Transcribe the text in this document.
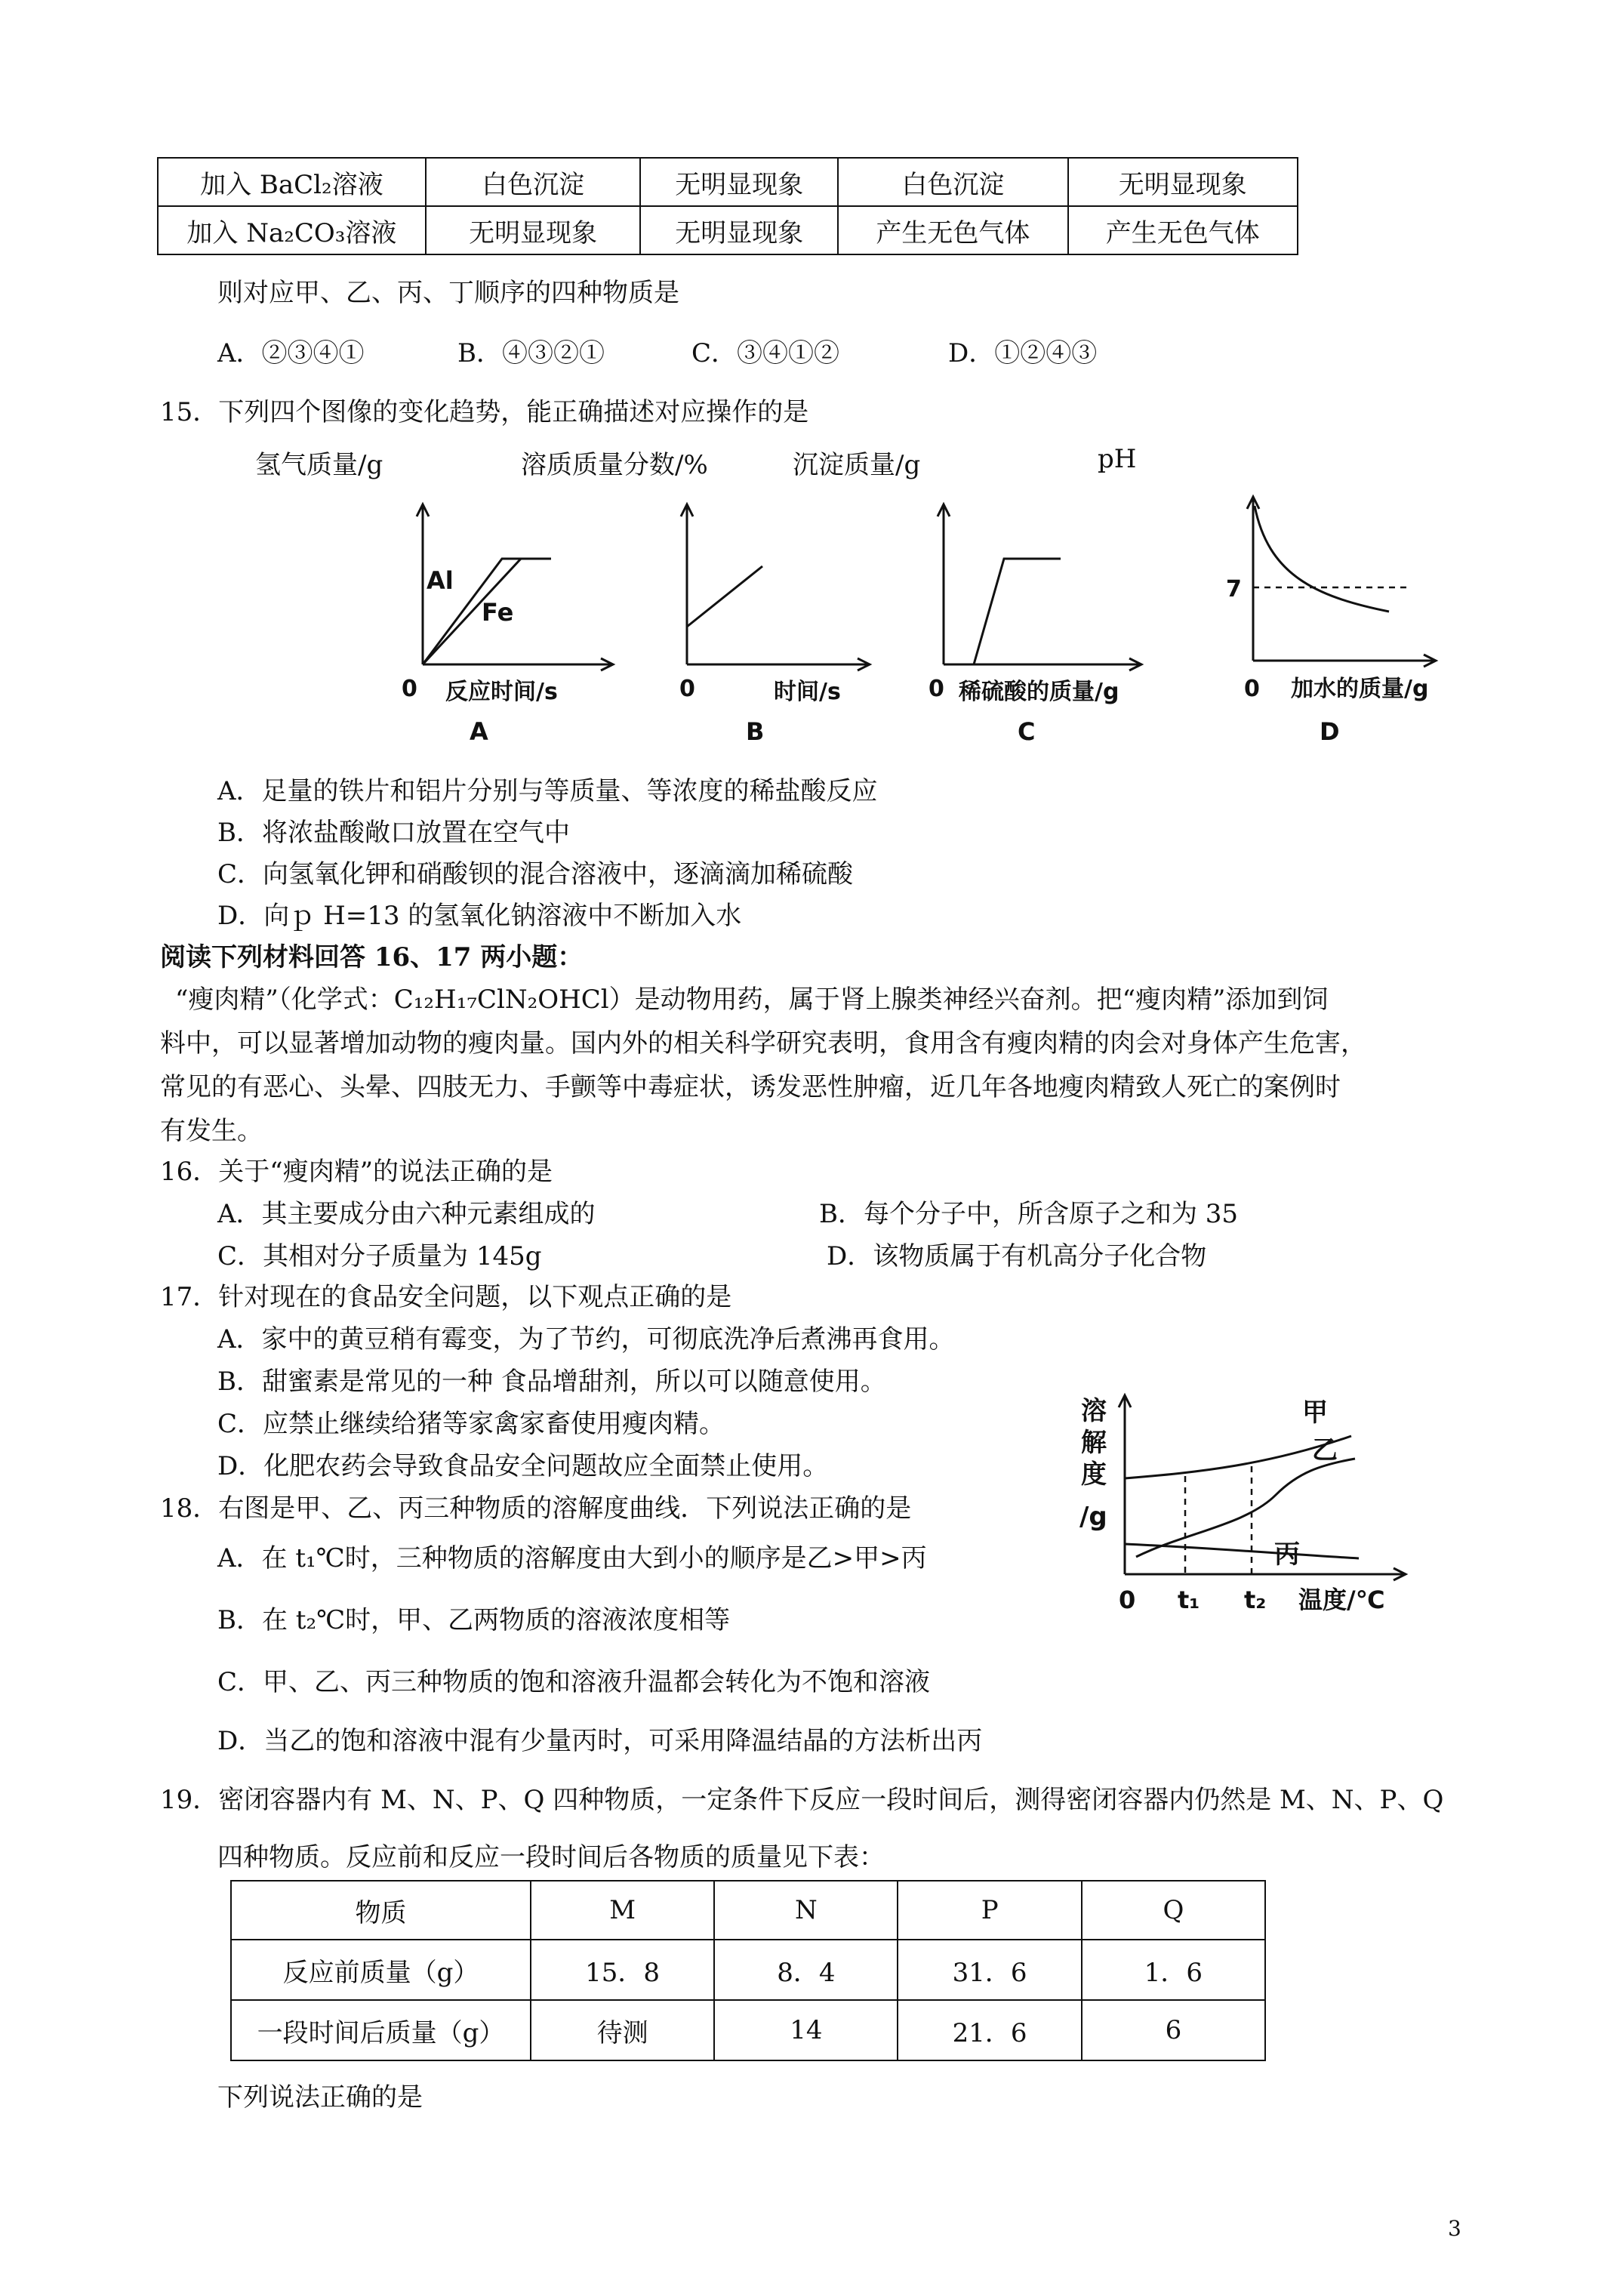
加入 BaCl₂溶液	白色沉淀	无明显现象	白色沉淀	无明显现象
加入 Na₂CO₃溶液	无明显现象	无明显现象	产生无色气体	产生无色气体
则对应甲、乙、丙、丁顺序的四种物质是
A．②③④①	B．④③②①	C．③④①②	D．①②④③
15．下列四个图像的变化趋势，能正确描述对应操作的是
氢气质量/g	溶质质量分数/%	沉淀质量/g	pH
Al
Fe
0 反应时间/s
A
0	时间/s
B
0 稀硫酸的质量/g
C
7
0 加水的质量/g
D
A．足量的铁片和铝片分别与等质量、等浓度的稀盐酸反应
B．将浓盐酸敞口放置在空气中
C．向氢氧化钾和硝酸钡的混合溶液中，逐滴滴加稀硫酸
D．向ｐ H=13 的氢氧化钠溶液中不断加入水
阅读下列材料回答 16、17 两小题：
“瘦肉精”（化学式：C₁₂H₁₇ClN₂OHCl）是动物用药，属于肾上腺类神经兴奋剂。把“瘦肉精”添加到饲
料中，可以显著增加动物的瘦肉量。国内外的相关科学研究表明，食用含有瘦肉精的肉会对身体产生危害，
常见的有恶心、头晕、四肢无力、手颤等中毒症状，诱发恶性肿瘤，近几年各地瘦肉精致人死亡的案例时
有发生。
16．关于“瘦肉精”的说法正确的是
A．其主要成分由六种元素组成的	B．每个分子中，所含原子之和为 35
C．其相对分子质量为 145g	D．该物质属于有机高分子化合物
17．针对现在的食品安全问题，以下观点正确的是
A．家中的黄豆稍有霉变，为了节约，可彻底洗净后煮沸再食用。
B．甜蜜素是常见的一种 食品增甜剂，所以可以随意使用。
C．应禁止继续给猪等家禽家畜使用瘦肉精。
D．化肥农药会导致食品安全问题故应全面禁止使用。
18．右图是甲、乙、丙三种物质的溶解度曲线．下列说法正确的是
A．在 t₁℃时，三种物质的溶解度由大到小的顺序是乙>甲>丙
B．在 t₂℃时，甲、乙两物质的溶液浓度相等
C．甲、乙、丙三种物质的饱和溶液升温都会转化为不饱和溶液
D．当乙的饱和溶液中混有少量丙时，可采用降温结晶的方法析出丙
溶
解
度
/g
甲
乙
丙
0 t₁ t₂ 温度/℃
19．密闭容器内有 M、N、P、Q 四种物质，一定条件下反应一段时间后，测得密闭容器内仍然是 M、N、P、Q
四种物质。反应前和反应一段时间后各物质的质量见下表：
物质	M	N	P	Q
反应前质量（g）	15．8	8．4	31．6	1．6
一段时间后质量（g）	待测	14	21．6	6
下列说法正确的是
3
